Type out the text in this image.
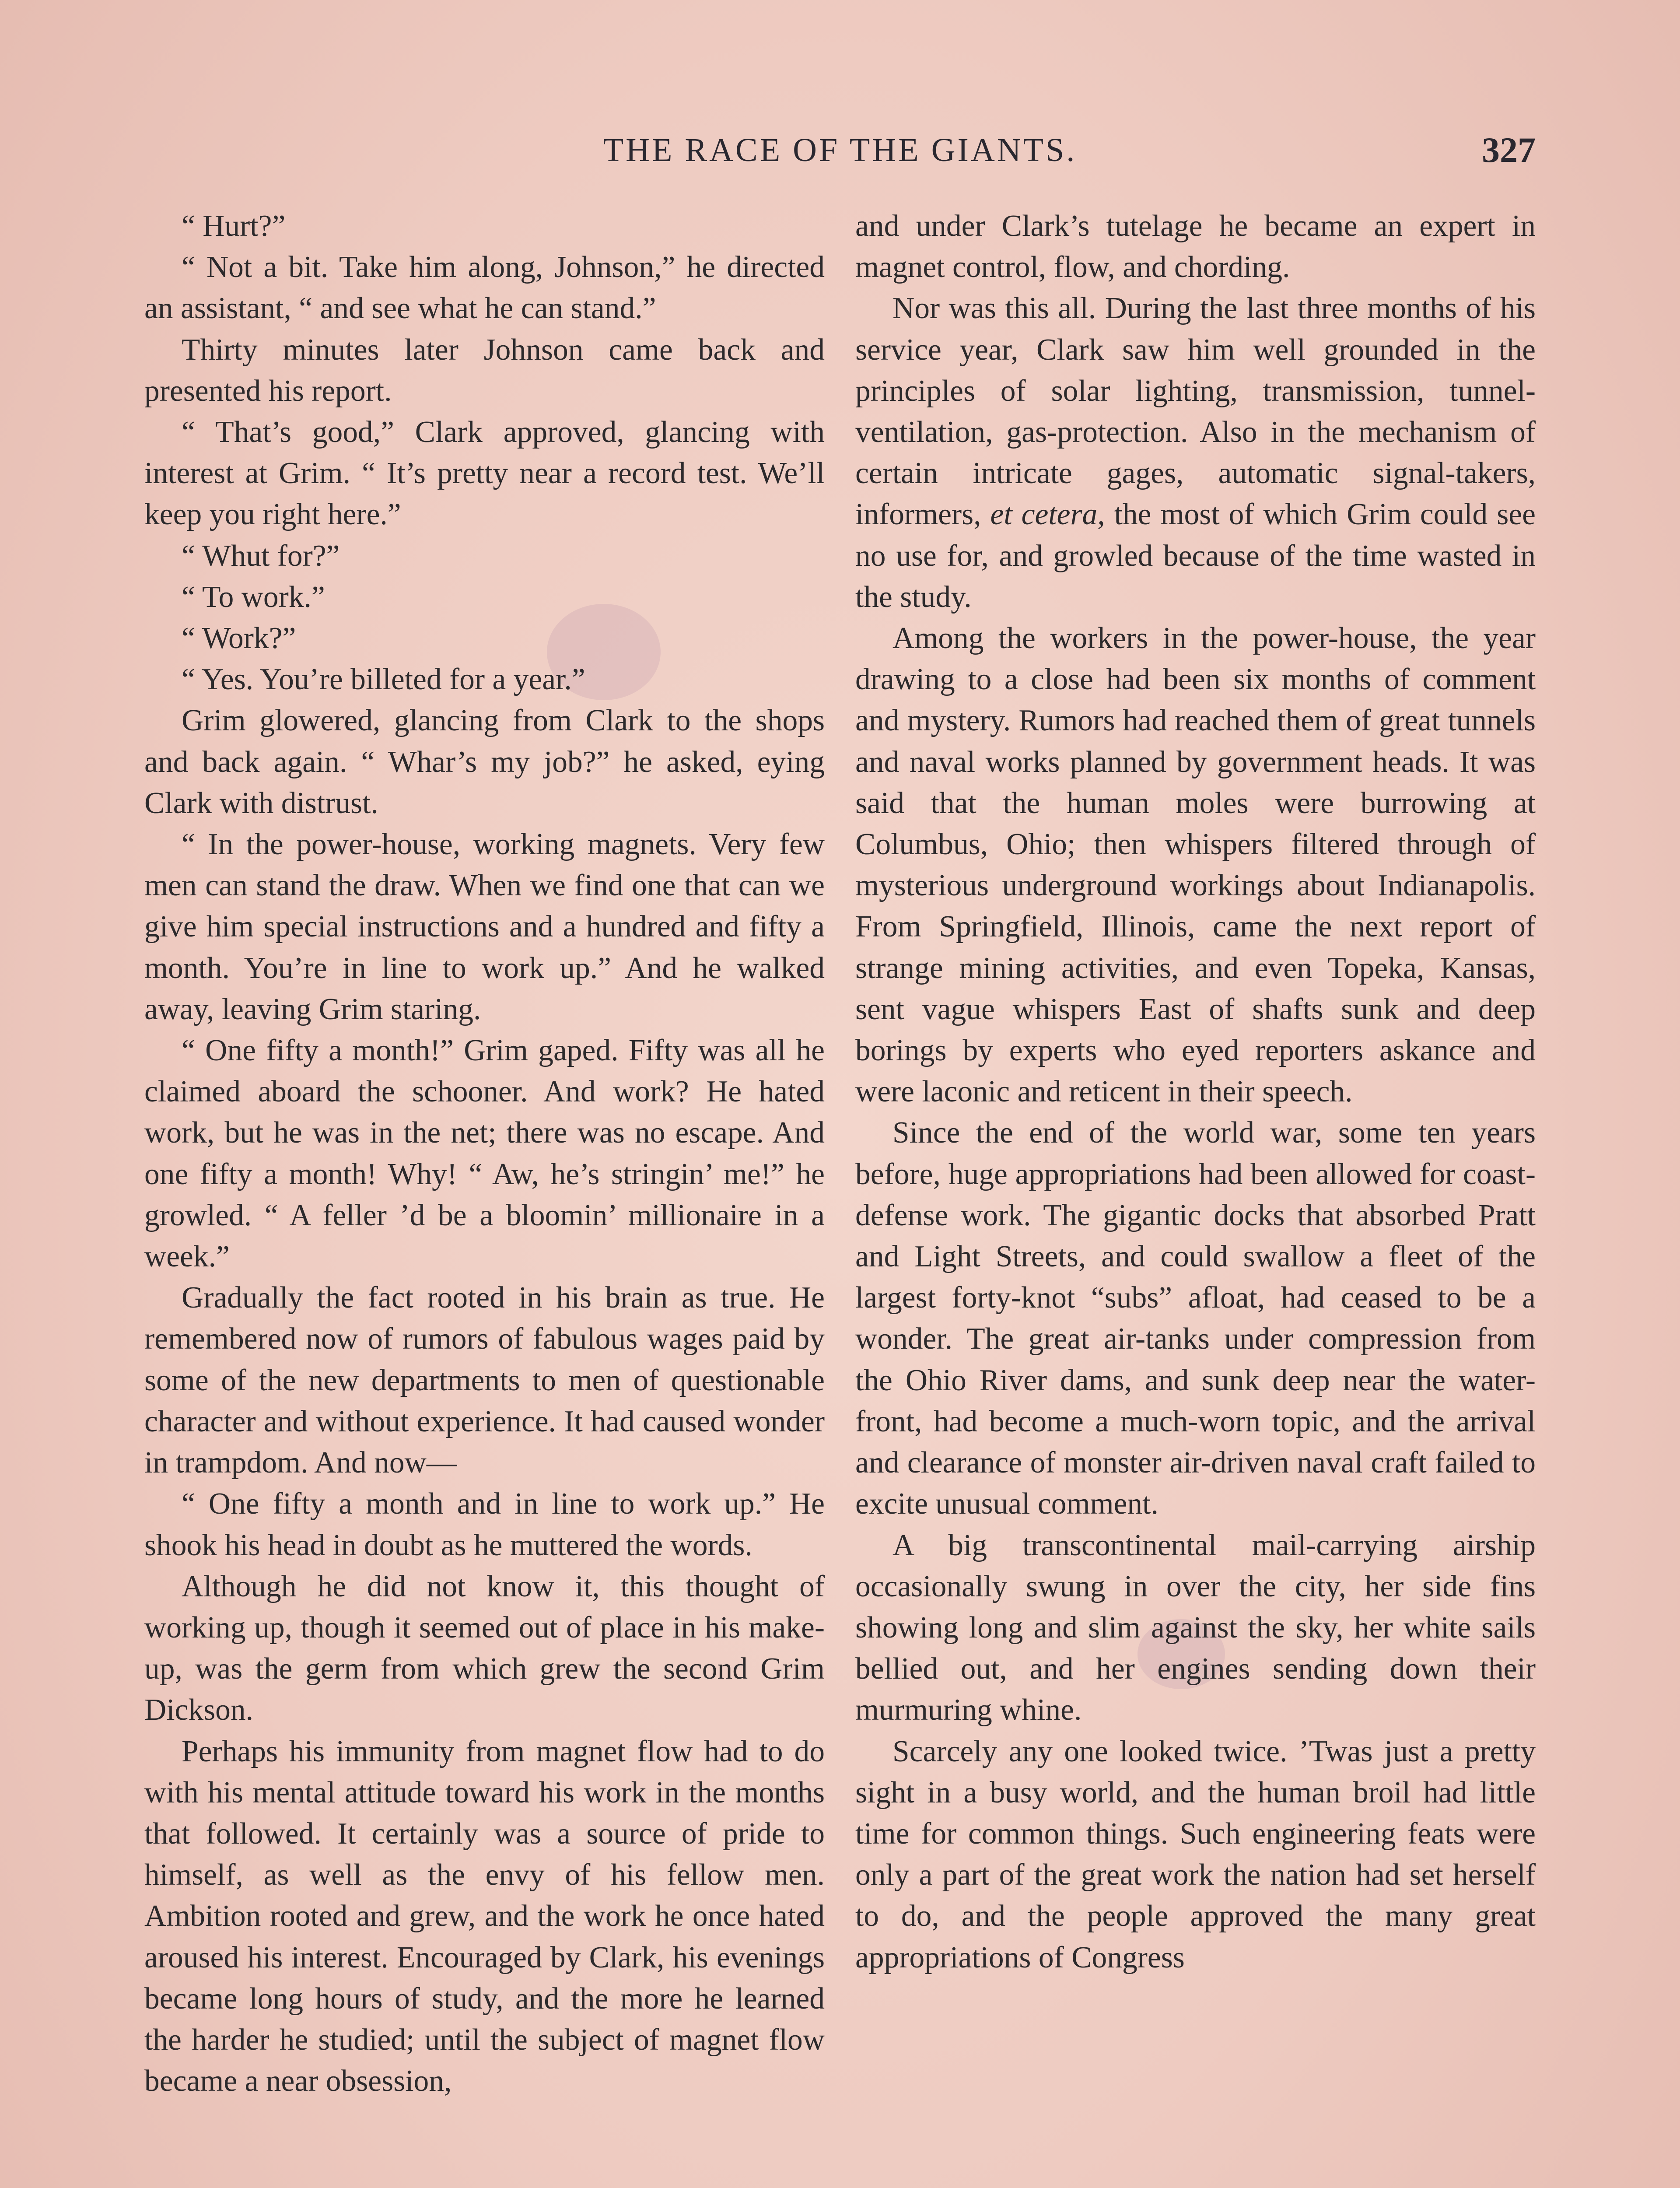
THE RACE OF THE GIANTS.	327

“ Hurt?”

“ Not a bit. Take him along, Johnson,” he directed an assistant, “ and see what he can stand.”

Thirty minutes later Johnson came back and presented his report.

“ That’s good,” Clark approved, glancing with interest at Grim. “ It’s pretty near a record test. We’ll keep you right here.”

“ Whut for?”

“ To work.”

“ Work?”

“ Yes. You’re billeted for a year.”

Grim glowered, glancing from Clark to the shops and back again. “ Whar’s my job?” he asked, eying Clark with distrust.

“ In the power-house, working magnets. Very few men can stand the draw. When we find one that can we give him special instructions and a hundred and fifty a month. You’re in line to work up.” And he walked away, leaving Grim staring.

“ One fifty a month!” Grim gaped. Fifty was all he claimed aboard the schooner. And work? He hated work, but he was in the net; there was no escape. And one fifty a month! Why! “ Aw, he’s stringin’ me!” he growled. “ A feller ’d be a bloomin’ millionaire in a week.”

Gradually the fact rooted in his brain as true. He remembered now of rumors of fabulous wages paid by some of the new departments to men of questionable character and without experience. It had caused wonder in trampdom. And now—

“ One fifty a month and in line to work up.” He shook his head in doubt as he muttered the words.

Although he did not know it, this thought of working up, though it seemed out of place in his make-up, was the germ from which grew the second Grim Dickson.

Perhaps his immunity from magnet flow had to do with his mental attitude toward his work in the months that followed. It certainly was a source of pride to himself, as well as the envy of his fellow men. Ambition rooted and grew, and the work he once hated aroused his interest. Encouraged by Clark, his evenings became long hours of study, and the more he learned the harder he studied; until the subject of magnet flow became a near obsession,

and under Clark’s tutelage he became an expert in magnet control, flow, and chording.

Nor was this all. During the last three months of his service year, Clark saw him well grounded in the principles of solar lighting, transmission, tunnel-ventilation, gas-protection. Also in the mechanism of certain intricate gages, automatic signal-takers, informers, et cetera, the most of which Grim could see no use for, and growled because of the time wasted in the study.

Among the workers in the power-house, the year drawing to a close had been six months of comment and mystery. Rumors had reached them of great tunnels and naval works planned by government heads. It was said that the human moles were burrowing at Columbus, Ohio; then whispers filtered through of mysterious underground workings about Indianapolis. From Springfield, Illinois, came the next report of strange mining activities, and even Topeka, Kansas, sent vague whispers East of shafts sunk and deep borings by experts who eyed reporters askance and were laconic and reticent in their speech.

Since the end of the world war, some ten years before, huge appropriations had been allowed for coast-defense work. The gigantic docks that absorbed Pratt and Light Streets, and could swallow a fleet of the largest forty-knot “subs” afloat, had ceased to be a wonder. The great air-tanks under compression from the Ohio River dams, and sunk deep near the water-front, had become a much-worn topic, and the arrival and clearance of monster air-driven naval craft failed to excite unusual comment.

A big transcontinental mail-carrying airship occasionally swung in over the city, her side fins showing long and slim against the sky, her white sails bellied out, and her engines sending down their murmuring whine.

Scarcely any one looked twice. ’Twas just a pretty sight in a busy world, and the human broil had little time for common things. Such engineering feats were only a part of the great work the nation had set herself to do, and the people approved the many great appropriations of Congress
